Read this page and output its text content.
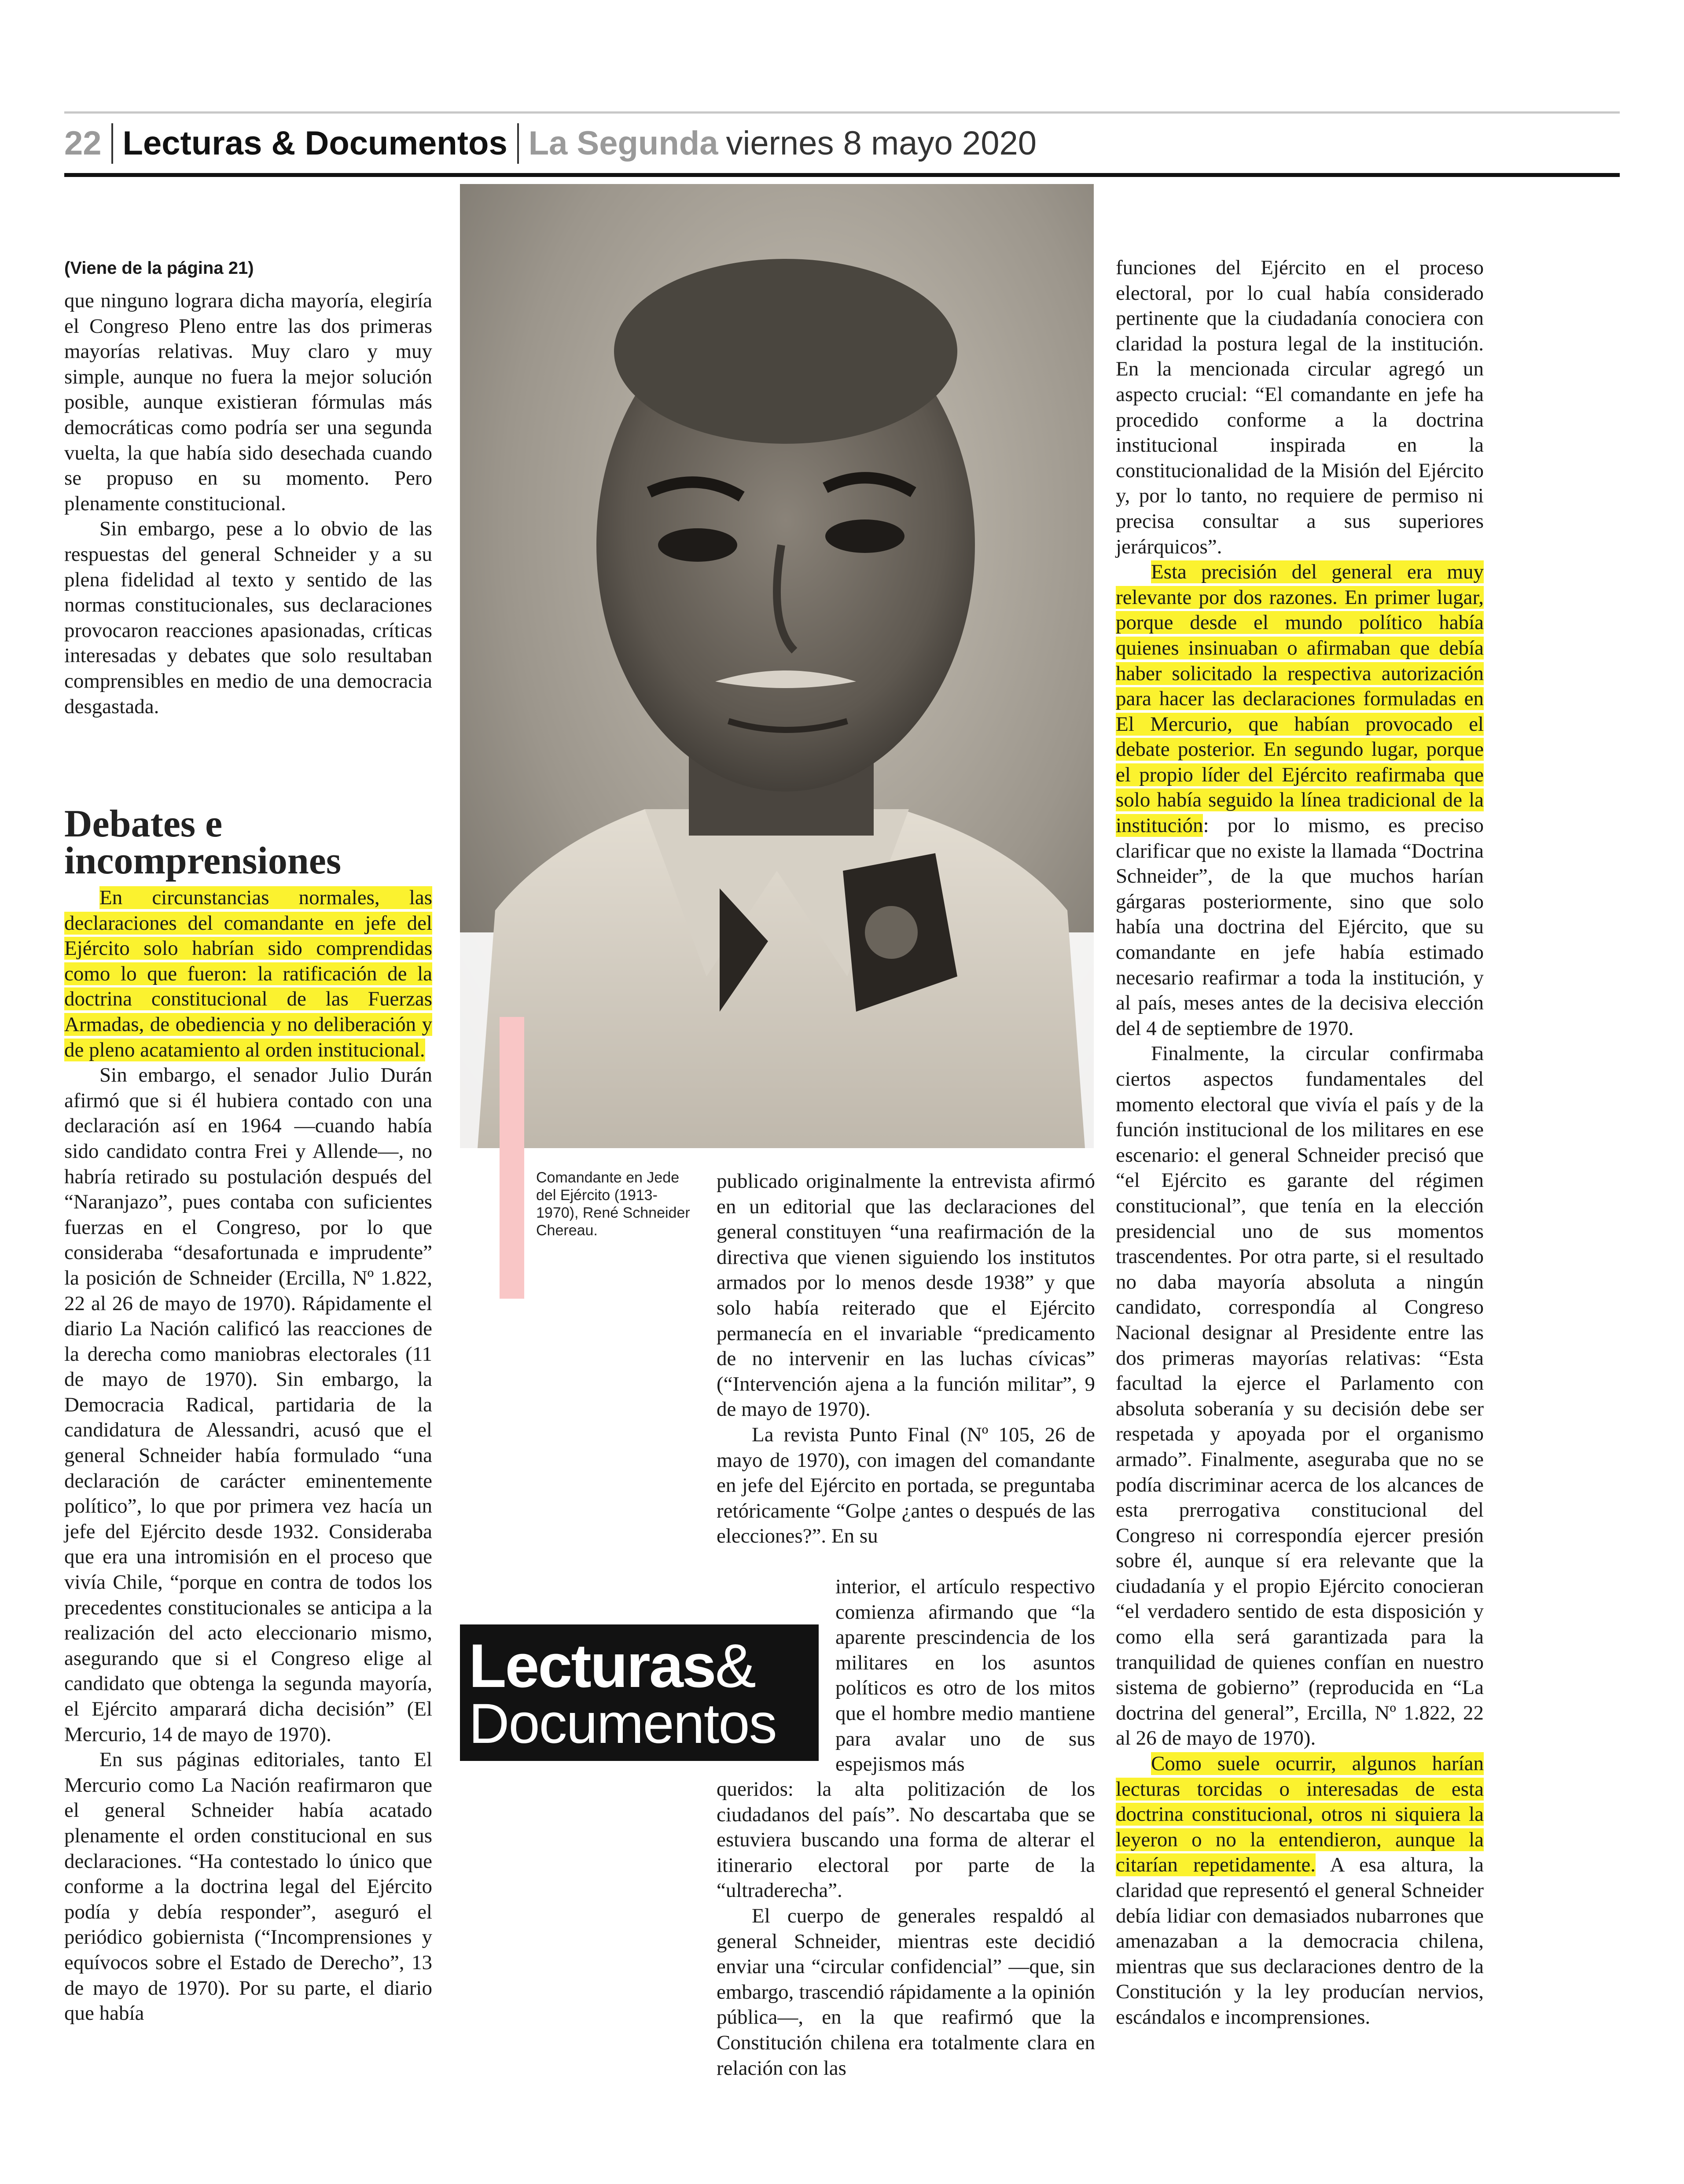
22 Lecturas & Documentos La Segunda viernes 8 mayo 2020
(Viene de la página 21)

que ninguno lograra dicha mayoría, elegiría el Congreso Pleno entre las dos primeras mayorías relativas. Muy claro y muy simple, aunque no fuera la mejor solución posible, aunque existieran fórmulas más democráticas como podría ser una segunda vuelta, la que había sido desechada cuando se propuso en su momento. Pero plenamente constitucional.

Sin embargo, pese a lo obvio de las respuestas del general Schneider y a su plena fidelidad al texto y sentido de las normas constitucionales, sus declaraciones provocaron reacciones apasionadas, críticas interesadas y debates que solo resultaban comprensibles en medio de una democracia desgastada.

Debates e incomprensiones

En circunstancias normales, las declaraciones del comandante en jefe del Ejército solo habrían sido comprendidas como lo que fueron: la ratificación de la doctrina constitucional de las Fuerzas Armadas, de obediencia y no deliberación y de pleno acatamiento al orden institucional.

Sin embargo, el senador Julio Durán afirmó que si él hubiera contado con una declaración así en 1964 —cuando había sido candidato contra Frei y Allende—, no habría retirado su postulación después del “Naranjazo”, pues contaba con suficientes fuerzas en el Congreso, por lo que consideraba “desafortunada e imprudente” la posición de Schneider (Ercilla, Nº 1.822, 22 al 26 de mayo de 1970). Rápidamente el diario La Nación calificó las reacciones de la derecha como maniobras electorales (11 de mayo de 1970). Sin embargo, la Democracia Radical, partidaria de la candidatura de Alessandri, acusó que el general Schneider había formulado “una declaración de carácter eminentemente político”, lo que por primera vez hacía un jefe del Ejército desde 1932. Consideraba que era una intromisión en el proceso que vivía Chile, “porque en contra de todos los precedentes constitucionales se anticipa a la realización del acto eleccionario mismo, asegurando que si el Congreso elige al candidato que obtenga la segunda mayoría, el Ejército amparará dicha decisión” (El Mercurio, 14 de mayo de 1970).

En sus páginas editoriales, tanto El Mercurio como La Nación reafirmaron que el general Schneider había acatado plenamente el orden constitucional en sus declaraciones. “Ha contestado lo único que conforme a la doctrina legal del Ejército podía y debía responder”, aseguró el periódico gobiernista (“Incomprensiones y equívocos sobre el Estado de Derecho”, 13 de mayo de 1970). Por su parte, el diario que había

Comandante en Jede del Ejército (1913-1970), René Schneider Chereau.

publicado originalmente la entrevista afirmó en un editorial que las declaraciones del general constituyen “una reafirmación de la directiva que vienen siguiendo los institutos armados por lo menos desde 1938” y que solo había reiterado que el Ejército permanecía en el invariable “predicamento de no intervenir en las luchas cívicas” (“Intervención ajena a la función militar”, 9 de mayo de 1970).

La revista Punto Final (Nº 105, 26 de mayo de 1970), con imagen del comandante en jefe del Ejército en portada, se preguntaba retóricamente “Golpe ¿antes o después de las elecciones?”. En su

interior, el artículo respectivo comienza afirmando que “la aparente prescindencia de los militares en los asuntos políticos es otro de los mitos que el hombre medio mantiene para avalar uno de sus espejismos más

queridos: la alta politización de los ciudadanos del país”. No descartaba que se estuviera buscando una forma de alterar el itinerario electoral por parte de la “ultraderecha”.

El cuerpo de generales respaldó al general Schneider, mientras este decidió enviar una “circular confidencial” —que, sin embargo, trascendió rápidamente a la opinión pública—, en la que reafirmó que la Constitución chilena era totalmente clara en relación con las

Lecturas&
Documentos

funciones del Ejército en el proceso electoral, por lo cual había considerado pertinente que la ciudadanía conociera con claridad la postura legal de la institución. En la mencionada circular agregó un aspecto crucial: “El comandante en jefe ha procedido conforme a la doctrina institucional inspirada en la constitucionalidad de la Misión del Ejército y, por lo tanto, no requiere de permiso ni precisa consultar a sus superiores jerárquicos”.

Esta precisión del general era muy relevante por dos razones. En primer lugar, porque desde el mundo político había quienes insinuaban o afirmaban que debía haber solicitado la respectiva autorización para hacer las declaraciones formuladas en El Mercurio, que habían provocado el debate posterior. En segundo lugar, porque el propio líder del Ejército reafirmaba que solo había seguido la línea tradicional de la institución: por lo mismo, es preciso clarificar que no existe la llamada “Doctrina Schneider”, de la que muchos harían gárgaras posteriormente, sino que solo había una doctrina del Ejército, que su comandante en jefe había estimado necesario reafirmar a toda la institución, y al país, meses antes de la decisiva elección del 4 de septiembre de 1970.

Finalmente, la circular confirmaba ciertos aspectos fundamentales del momento electoral que vivía el país y de la función institucional de los militares en ese escenario: el general Schneider precisó que “el Ejército es garante del régimen constitucional”, que tenía en la elección presidencial uno de sus momentos trascendentes. Por otra parte, si el resultado no daba mayoría absoluta a ningún candidato, correspondía al Congreso Nacional designar al Presidente entre las dos primeras mayorías relativas: “Esta facultad la ejerce el Parlamento con absoluta soberanía y su decisión debe ser respetada y apoyada por el organismo armado”. Finalmente, aseguraba que no se podía discriminar acerca de los alcances de esta prerrogativa constitucional del Congreso ni correspondía ejercer presión sobre él, aunque sí era relevante que la ciudadanía y el propio Ejército conocieran “el verdadero sentido de esta disposición y como ella será garantizada para la tranquilidad de quienes confían en nuestro sistema de gobierno” (reproducida en “La doctrina del general”, Ercilla, Nº 1.822, 22 al 26 de mayo de 1970).

Como suele ocurrir, algunos harían lecturas torcidas o interesadas de esta doctrina constitucional, otros ni siquiera la leyeron o no la entendieron, aunque la citarían repetidamente. A esa altura, la claridad que representó el general Schneider debía lidiar con demasiados nubarrones que amenazaban a la democracia chilena, mientras que sus declaraciones dentro de la Constitución y la ley producían nervios, escándalos e incomprensiones.
